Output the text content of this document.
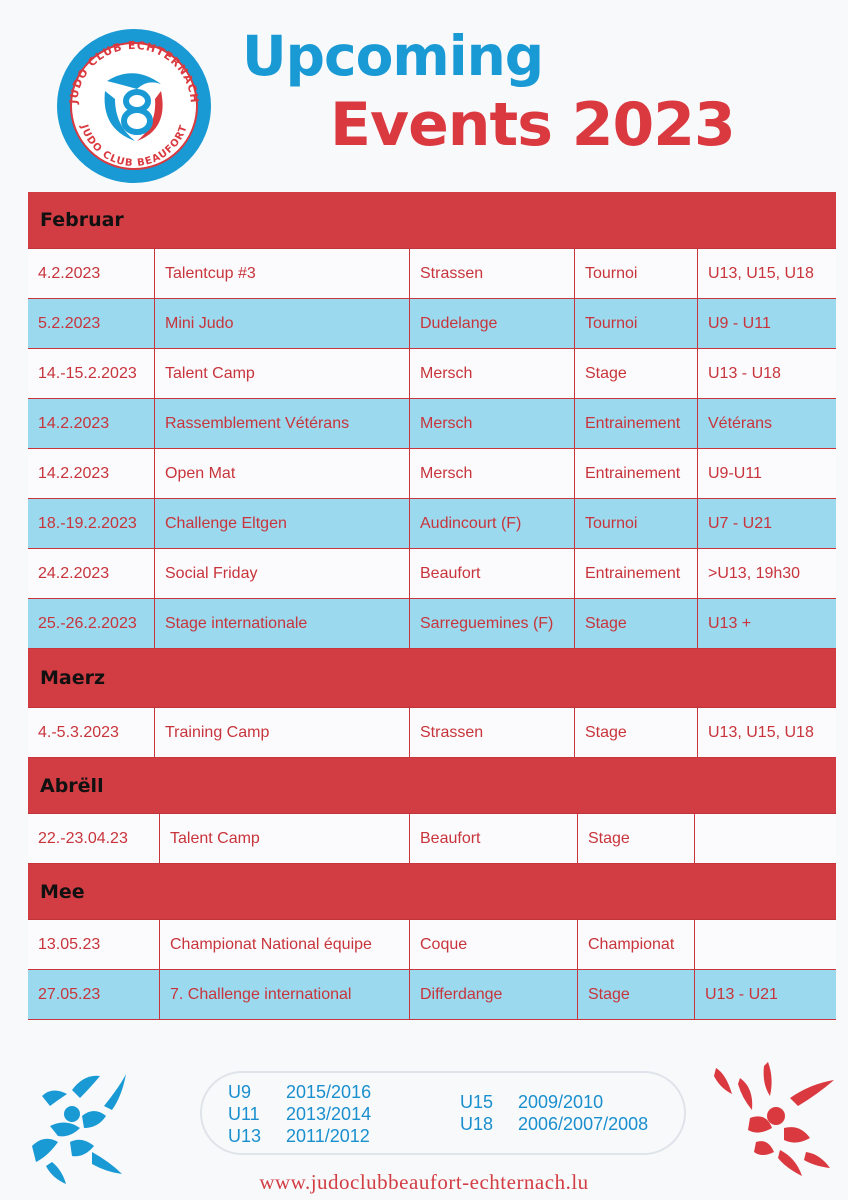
JUDO CLUB ECHTERNACH
JUDO CLUB BEAUFORT
Upcoming
Events 2023
Februar
4.2.2023	Talentcup #3	Strassen	Tournoi	U13, U15, U18
5.2.2023	Mini Judo	Dudelange	Tournoi	U9 - U11
14.-15.2.2023	Talent Camp	Mersch	Stage	U13 - U18
14.2.2023	Rassemblement Vétérans	Mersch	Entrainement	Vétérans
14.2.2023	Open Mat	Mersch	Entrainement	U9-U11
18.-19.2.2023	Challenge Eltgen	Audincourt (F)	Tournoi	U7 - U21
24.2.2023	Social Friday	Beaufort	Entrainement	>U13, 19h30
25.-26.2.2023	Stage internationale	Sarreguemines (F)	Stage	U13 +
Maerz
4.-5.3.2023	Training Camp	Strassen	Stage	U13, U15, U18
Abrëll
22.-23.04.23	Talent Camp	Beaufort	Stage
Mee
13.05.23	Championat National équipe	Coque	Championat
27.05.23	7. Challenge international	Differdange	Stage	U13 - U21
U9 2015/2016
U11 2013/2014
U13 2011/2012
U15 2009/2010
U18 2006/2007/2008
www.judoclubbeaufort-echternach.lu
